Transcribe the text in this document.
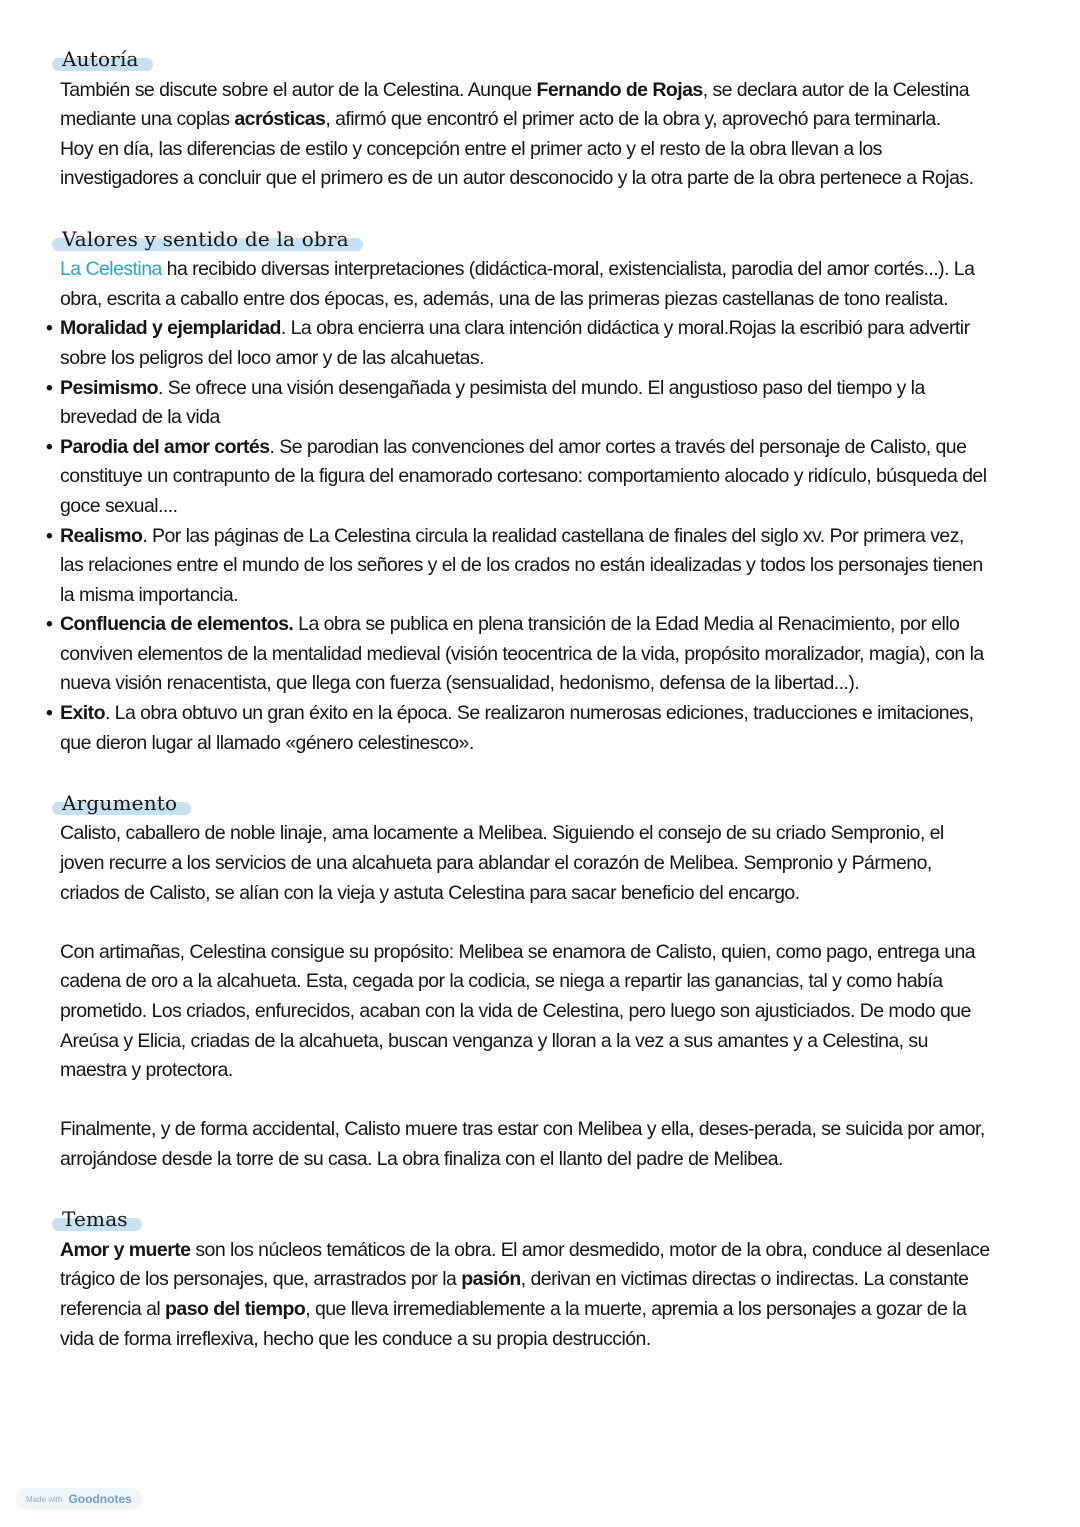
Autoría

También se discute sobre el autor de la Celestina. Aunque Fernando de Rojas, se declara autor de la Celestina mediante una coplas acrósticas, afirmó que encontró el primer acto de la obra y, aprovechó para terminarla.

Hoy en día, las diferencias de estilo y concepción entre el primer acto y el resto de la obra llevan a los investigadores a concluir que el primero es de un autor desconocido y la otra parte de la obra pertenece a Rojas.

Valores y sentido de la obra

La Celestina ha recibido diversas interpretaciones (didáctica-moral, existencialista, parodia del amor cortés...). La obra, escrita a caballo entre dos épocas, es, además, una de las primeras piezas castellanas de tono realista.

• Moralidad y ejemplaridad. La obra encierra una clara intención didáctica y moral.Rojas la escribió para advertir sobre los peligros del loco amor y de las alcahuetas.
• Pesimismo. Se ofrece una visión desengañada y pesimista del mundo. El angustioso paso del tiempo y la brevedad de la vida
• Parodia del amor cortés. Se parodian las convenciones del amor cortes a través del personaje de Calisto, que constituye un contrapunto de la figura del enamorado cortesano: comportamiento alocado y ridículo, búsqueda del goce sexual....
• Realismo. Por las páginas de La Celestina circula la realidad castellana de finales del siglo xv. Por primera vez, las relaciones entre el mundo de los señores y el de los crados no están idealizadas y todos los personajes tienen la misma importancia.
• Confluencia de elementos. La obra se publica en plena transición de la Edad Media al Renacimiento, por ello conviven elementos de la mentalidad medieval (visión teocentrica de la vida, propósito moralizador, magia), con la nueva visión renacentista, que llega con fuerza (sensualidad, hedonismo, defensa de la libertad...).
• Exito. La obra obtuvo un gran éxito en la época. Se realizaron numerosas ediciones, traducciones e imitaciones, que dieron lugar al llamado «género celestinesco».
Argumento

Calisto, caballero de noble linaje, ama locamente a Melibea. Siguiendo el consejo de su criado Sempronio, el joven recurre a los servicios de una alcahueta para ablandar el corazón de Melibea. Sempronio y Pármeno, criados de Calisto, se alían con la vieja y astuta Celestina para sacar beneficio del encargo.

Con artimañas, Celestina consigue su propósito: Melibea se enamora de Calisto, quien, como pago, entrega una cadena de oro a la alcahueta. Esta, cegada por la codicia, se niega a repartir las ganancias, tal y como había prometido. Los criados, enfurecidos, acaban con la vida de Celestina, pero luego son ajusticiados. De modo que Areúsa y Elicia, criadas de la alcahueta, buscan venganza y lloran a la vez a sus amantes y a Celestina, su maestra y protectora.

Finalmente, y de forma accidental, Calisto muere tras estar con Melibea y ella, deses-perada, se suicida por amor, arrojándose desde la torre de su casa. La obra finaliza con el llanto del padre de Melibea.

Temas

Amor y muerte son los núcleos temáticos de la obra. El amor desmedido, motor de la obra, conduce al desenlace trágico de los personajes, que, arrastrados por la pasión, derivan en victimas directas o indirectas. La constante referencia al paso del tiempo, que lleva irremediablemente a la muerte, apremia a los personajes a gozar de la vida de forma irreflexiva, hecho que les conduce a su propia destrucción.

Made with Goodnotes
